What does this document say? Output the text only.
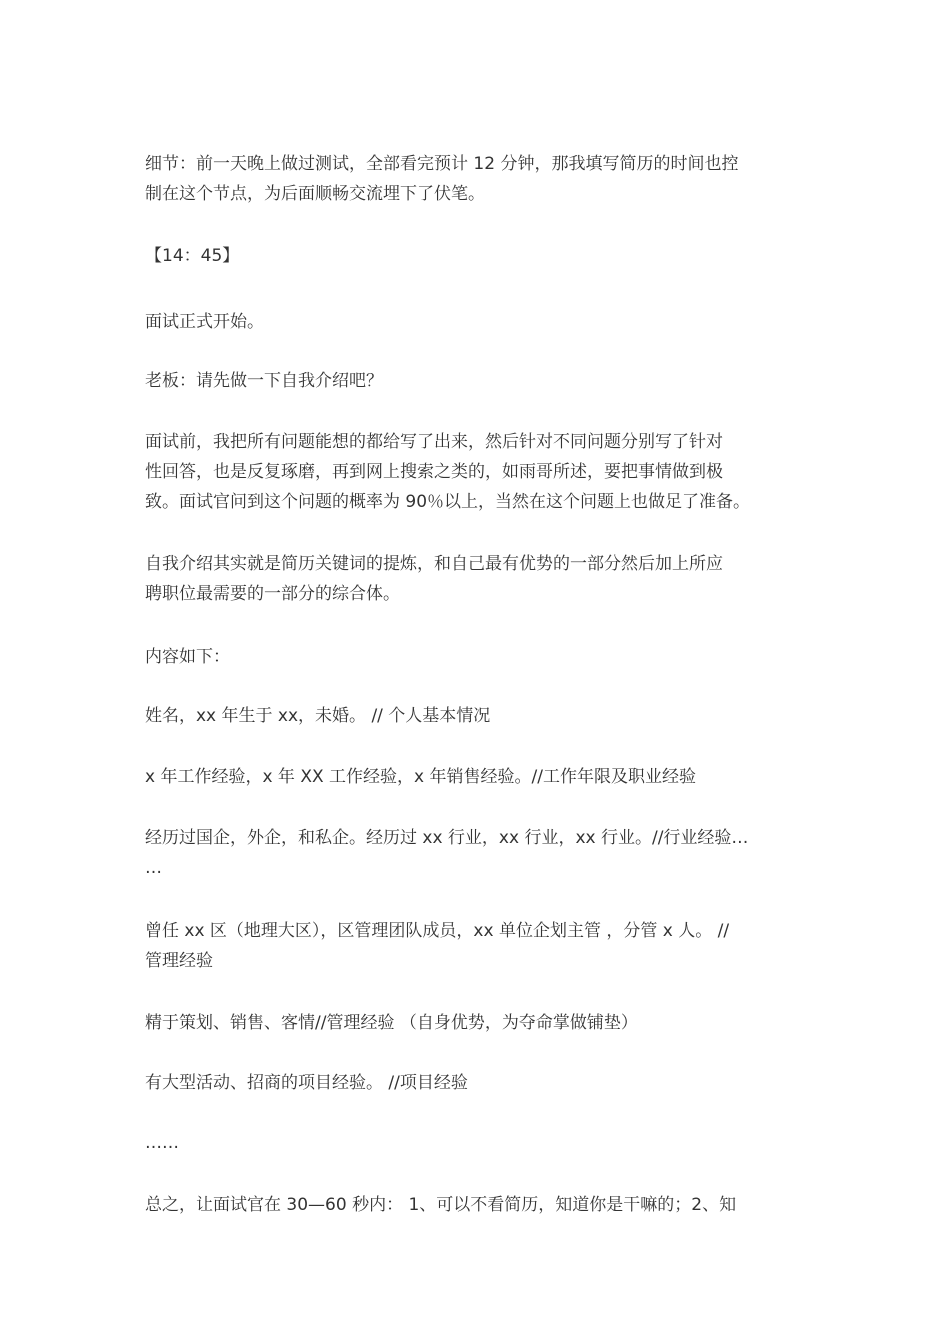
细节：前一天晚上做过测试，全部看完预计 12 分钟，那我填写简历的时间也控
制在这个节点，为后面顺畅交流埋下了伏笔。

【14：45】

面试正式开始。

老板：请先做一下自我介绍吧？

面试前，我把所有问题能想的都给写了出来，然后针对不同问题分别写了针对
性回答，也是反复琢磨，再到网上搜索之类的，如雨哥所述，要把事情做到极
致。面试官问到这个问题的概率为 90％以上，当然在这个问题上也做足了准备。

自我介绍其实就是简历关键词的提炼，和自己最有优势的一部分然后加上所应
聘职位最需要的一部分的综合体。

内容如下：

姓名，xx 年生于 xx，未婚。 // 个人基本情况

x 年工作经验，x 年 XX 工作经验，x 年销售经验。//工作年限及职业经验

经历过国企，外企，和私企。经历过 xx 行业，xx 行业，xx 行业。//行业经验…
…

曾任 xx 区（地理大区），区管理团队成员，xx 单位企划主管 ，分管 x 人。 //
管理经验

精于策划、销售、客情//管理经验 （自身优势，为夺命掌做铺垫）

有大型活动、招商的项目经验。 //项目经验

……

总之，让面试官在 30—60 秒内： 1、可以不看简历，知道你是干嘛的；2、知
